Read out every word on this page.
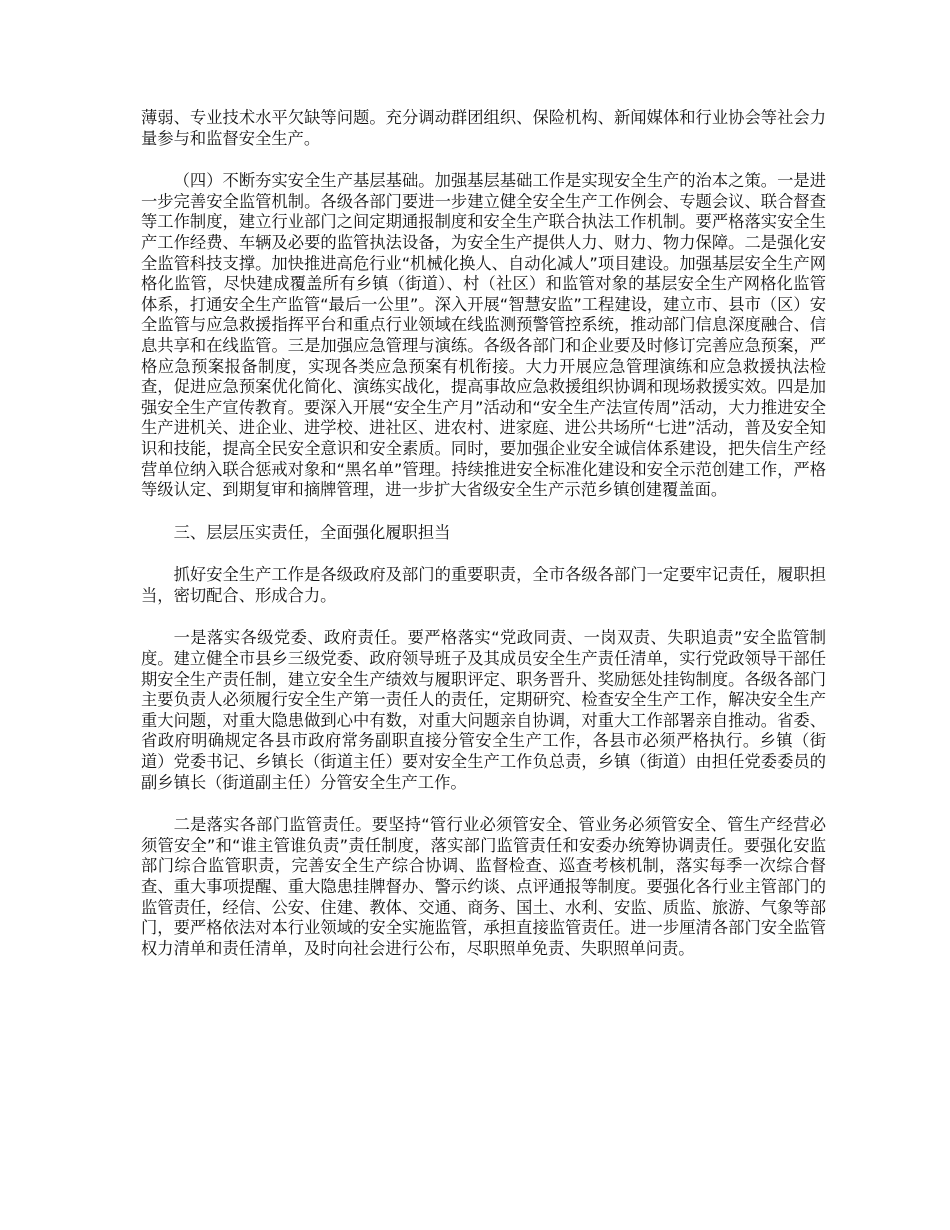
薄弱、专业技术水平欠缺等问题。充分调动群团组织、保险机构、新闻媒体和行业协会等社会力量参与和监督安全生产。

（四）不断夯实安全生产基层基础。加强基层基础工作是实现安全生产的治本之策。一是进一步完善安全监管机制。各级各部门要进一步建立健全安全生产工作例会、专题会议、联合督查等工作制度，建立行业部门之间定期通报制度和安全生产联合执法工作机制。要严格落实安全生产工作经费、车辆及必要的监管执法设备，为安全生产提供人力、财力、物力保障。二是强化安全监管科技支撑。加快推进高危行业“机械化换人、自动化减人”项目建设。加强基层安全生产网格化监管，尽快建成覆盖所有乡镇（街道）、村（社区）和监管对象的基层安全生产网格化监管体系，打通安全生产监管“最后一公里”。深入开展“智慧安监”工程建设，建立市、县市（区）安全监管与应急救援指挥平台和重点行业领域在线监测预警管控系统，推动部门信息深度融合、信息共享和在线监管。三是加强应急管理与演练。各级各部门和企业要及时修订完善应急预案，严格应急预案报备制度，实现各类应急预案有机衔接。大力开展应急管理演练和应急救援执法检查，促进应急预案优化简化、演练实战化，提高事故应急救援组织协调和现场救援实效。四是加强安全生产宣传教育。要深入开展“安全生产月”活动和“安全生产法宣传周”活动，大力推进安全生产进机关、进企业、进学校、进社区、进农村、进家庭、进公共场所“七进”活动，普及安全知识和技能，提高全民安全意识和安全素质。同时，要加强企业安全诚信体系建设，把失信生产经营单位纳入联合惩戒对象和“黑名单”管理。持续推进安全标准化建设和安全示范创建工作，严格等级认定、到期复审和摘牌管理，进一步扩大省级安全生产示范乡镇创建覆盖面。

三、层层压实责任，全面强化履职担当

抓好安全生产工作是各级政府及部门的重要职责，全市各级各部门一定要牢记责任，履职担当，密切配合、形成合力。

一是落实各级党委、政府责任。要严格落实“党政同责、一岗双责、失职追责”安全监管制度。建立健全市县乡三级党委、政府领导班子及其成员安全生产责任清单，实行党政领导干部任期安全生产责任制，建立安全生产绩效与履职评定、职务晋升、奖励惩处挂钩制度。各级各部门主要负责人必须履行安全生产第一责任人的责任，定期研究、检查安全生产工作，解决安全生产重大问题，对重大隐患做到心中有数，对重大问题亲自协调，对重大工作部署亲自推动。省委、省政府明确规定各县市政府常务副职直接分管安全生产工作，各县市必须严格执行。乡镇（街道）党委书记、乡镇长（街道主任）要对安全生产工作负总责，乡镇（街道）由担任党委委员的副乡镇长（街道副主任）分管安全生产工作。

二是落实各部门监管责任。要坚持“管行业必须管安全、管业务必须管安全、管生产经营必须管安全”和“谁主管谁负责”责任制度，落实部门监管责任和安委办统筹协调责任。要强化安监部门综合监管职责，完善安全生产综合协调、监督检查、巡查考核机制，落实每季一次综合督查、重大事项提醒、重大隐患挂牌督办、警示约谈、点评通报等制度。要强化各行业主管部门的监管责任，经信、公安、住建、教体、交通、商务、国土、水利、安监、质监、旅游、气象等部门，要严格依法对本行业领域的安全实施监管，承担直接监管责任。进一步厘清各部门安全监管权力清单和责任清单，及时向社会进行公布，尽职照单免责、失职照单问责。
